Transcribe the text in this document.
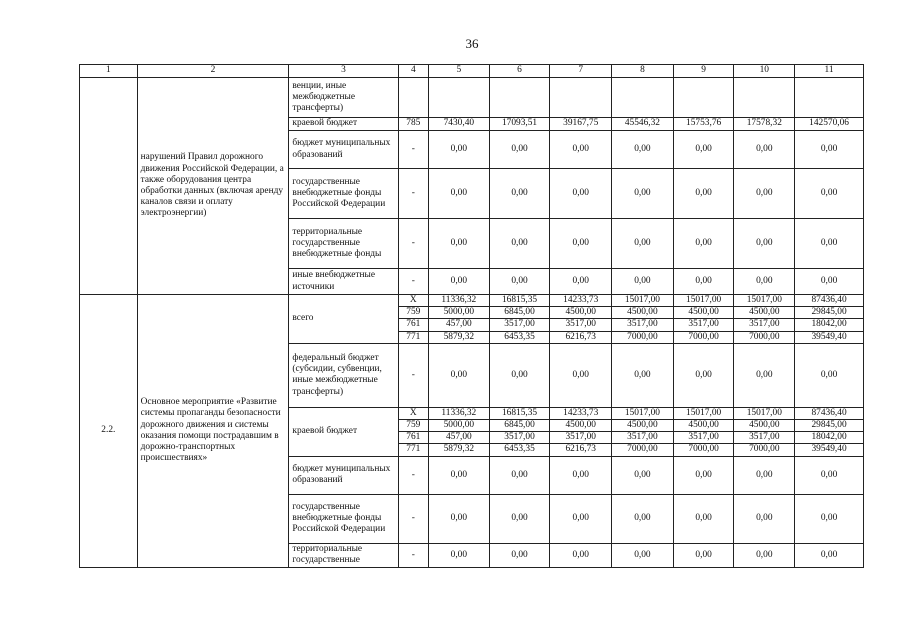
36
1	2	3	4	5	6	7	8	9	10	11
	нарушений Правил дорожного движения Российской Федерации, а также оборудования центра обработки данных (включая аренду каналов связи и оплату электроэнергии)	венции, иные межбюджетные трансферты)								
		краевой бюджет	785	7430,40	17093,51	39167,75	45546,32	15753,76	17578,32	142570,06
		бюджет муниципальных образований	-	0,00	0,00	0,00	0,00	0,00	0,00	0,00
		государственные внебюджетные фонды Российской Федерации	-	0,00	0,00	0,00	0,00	0,00	0,00	0,00
		территориальные государственные внебюджетные фонды	-	0,00	0,00	0,00	0,00	0,00	0,00	0,00
		иные внебюджетные источники	-	0,00	0,00	0,00	0,00	0,00	0,00	0,00
2.2.	Основное мероприятие «Развитие системы пропаганды безопасности дорожного движения и системы оказания помощи пострадавшим в дорожно-транспортных происшествиях»	всего	X	11336,32	16815,35	14233,73	15017,00	15017,00	15017,00	87436,40
			759	5000,00	6845,00	4500,00	4500,00	4500,00	4500,00	29845,00
			761	457,00	3517,00	3517,00	3517,00	3517,00	3517,00	18042,00
			771	5879,32	6453,35	6216,73	7000,00	7000,00	7000,00	39549,40
		федеральный бюджет (субсидии, субвенции, иные межбюджетные трансферты)	-	0,00	0,00	0,00	0,00	0,00	0,00	0,00
		краевой бюджет	X	11336,32	16815,35	14233,73	15017,00	15017,00	15017,00	87436,40
			759	5000,00	6845,00	4500,00	4500,00	4500,00	4500,00	29845,00
			761	457,00	3517,00	3517,00	3517,00	3517,00	3517,00	18042,00
			771	5879,32	6453,35	6216,73	7000,00	7000,00	7000,00	39549,40
		бюджет муниципальных образований	-	0,00	0,00	0,00	0,00	0,00	0,00	0,00
		государственные внебюджетные фонды Российской Федерации	-	0,00	0,00	0,00	0,00	0,00	0,00	0,00
		территориальные государственные	-	0,00	0,00	0,00	0,00	0,00	0,00	0,00
